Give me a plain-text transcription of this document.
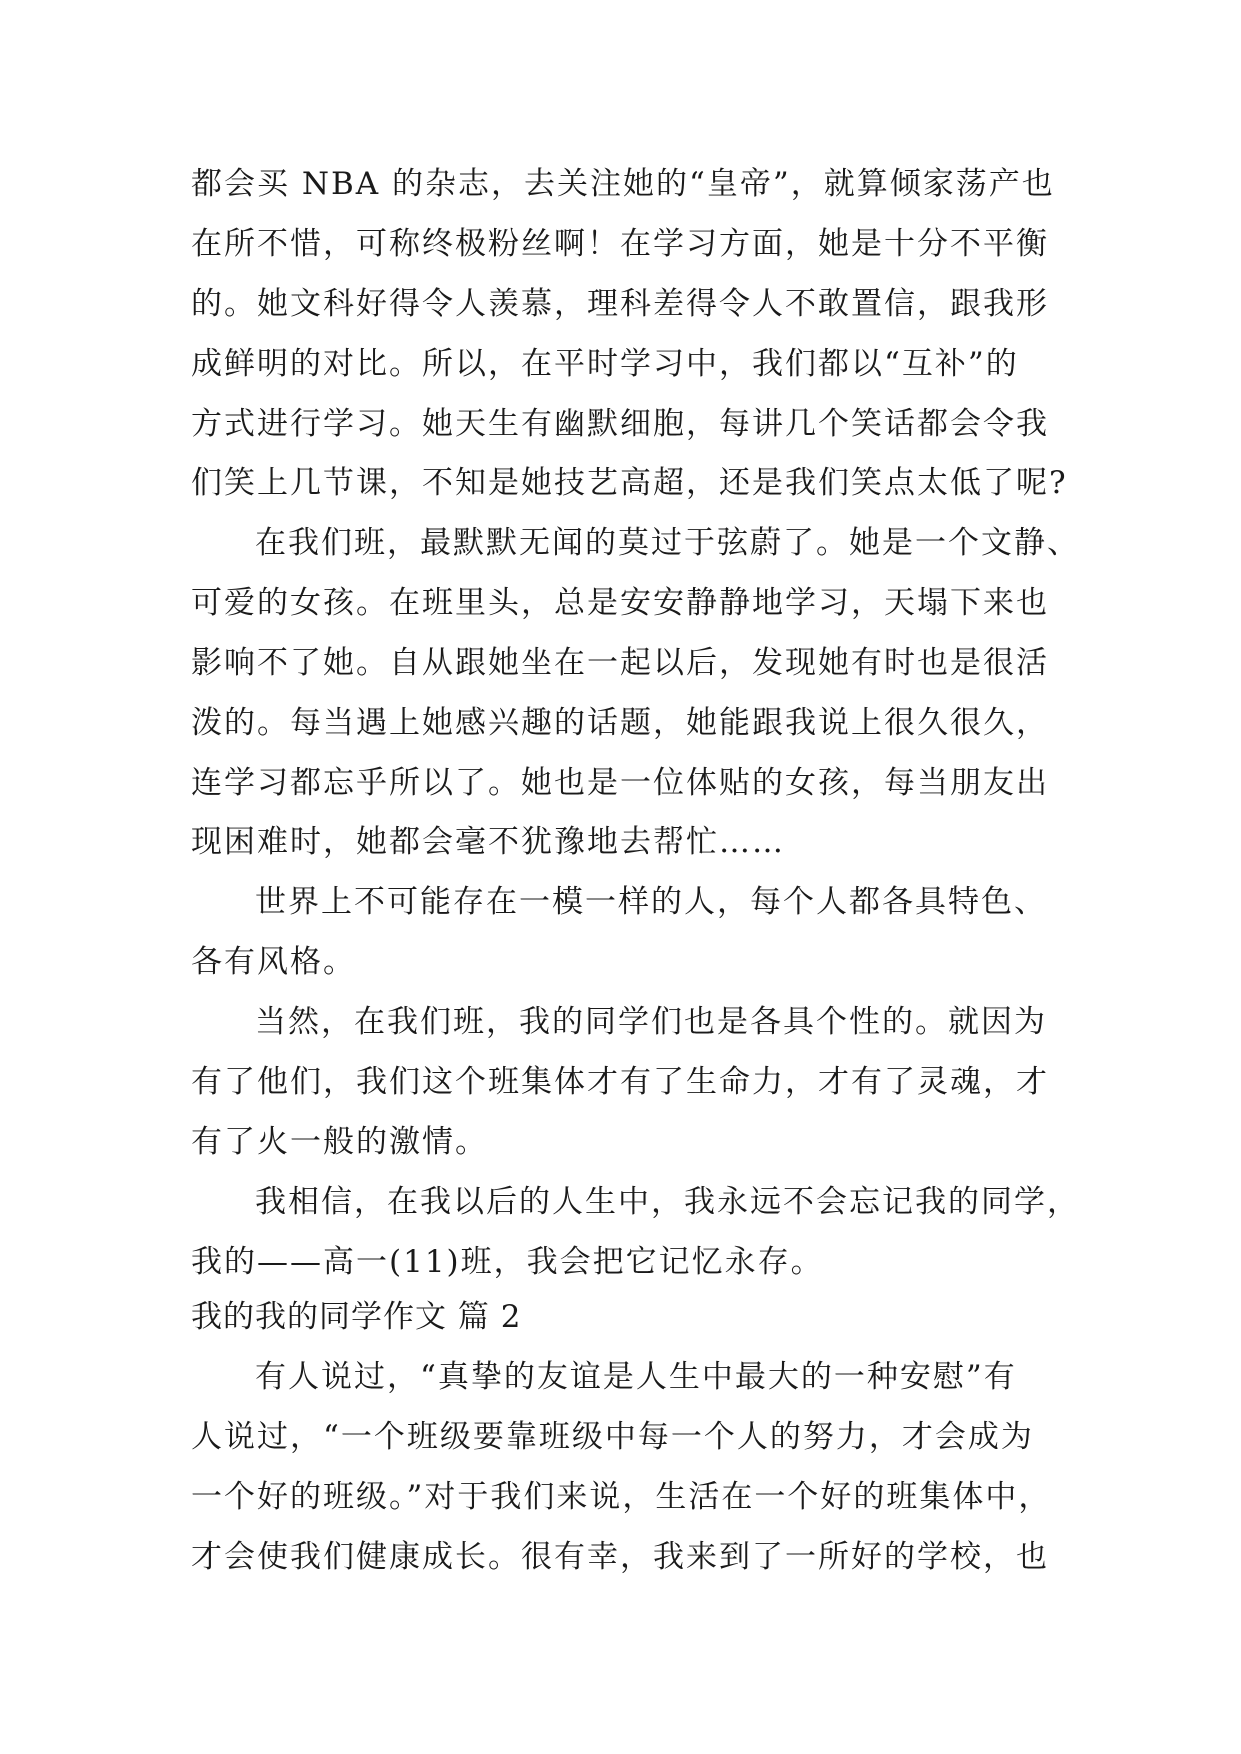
都会买 NBA 的杂志，去关注她的“皇帝”，就算倾家荡产也
在所不惜，可称终极粉丝啊！在学习方面，她是十分不平衡
的。她文科好得令人羡慕，理科差得令人不敢置信，跟我形
成鲜明的对比。所以，在平时学习中，我们都以“互补”的
方式进行学习。她天生有幽默细胞，每讲几个笑话都会令我
们笑上几节课，不知是她技艺高超，还是我们笑点太低了呢?
在我们班，最默默无闻的莫过于弦蔚了。她是一个文静、
可爱的女孩。在班里头，总是安安静静地学习，天塌下来也
影响不了她。自从跟她坐在一起以后，发现她有时也是很活
泼的。每当遇上她感兴趣的话题，她能跟我说上很久很久，
连学习都忘乎所以了。她也是一位体贴的女孩，每当朋友出
现困难时，她都会毫不犹豫地去帮忙……
世界上不可能存在一模一样的人，每个人都各具特色、
各有风格。
当然，在我们班，我的同学们也是各具个性的。就因为
有了他们，我们这个班集体才有了生命力，才有了灵魂，才
有了火一般的激情。
我相信，在我以后的人生中，我永远不会忘记我的同学，
我的——高一(11)班，我会把它记忆永存。
我的我的同学作文 篇 2
有人说过，“真挚的友谊是人生中最大的一种安慰”有
人说过，“一个班级要靠班级中每一个人的努力，才会成为
一个好的班级。”对于我们来说，生活在一个好的班集体中，
才会使我们健康成长。很有幸，我来到了一所好的学校，也
